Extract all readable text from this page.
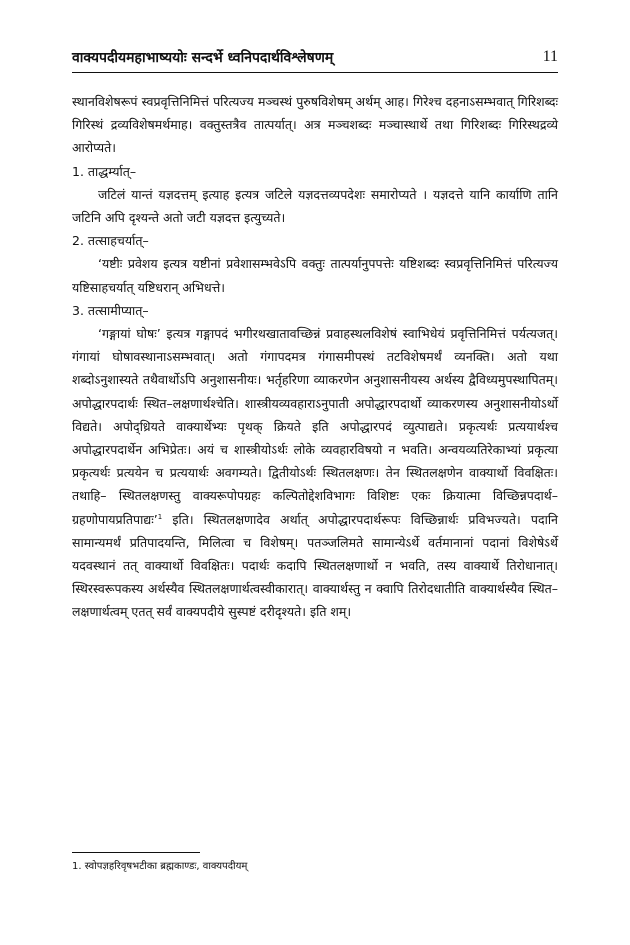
वाक्यपदीयमहाभाष्ययोः सन्दर्भे ध्वनिपदार्थविश्लेषणम्	11

स्थानविशेषरूपं स्वप्रवृत्तिनिमित्तं परित्यज्य मञ्चस्थं पुरुषविशेषम् अर्थम् आह। गिरेश्च दहनाऽसम्भवात् गिरिशब्दः गिरिस्थं द्रव्यविशेषमर्थमाह। वक्तुस्तत्रैव तात्पर्यात्। अत्र मञ्चशब्दः मञ्चास्थार्थे तथा गिरिशब्दः गिरिस्थद्रव्ये आरोप्यते।

1. ताद्धर्म्यात्–

जटिलं यान्तं यज्ञदत्तम् इत्याह इत्यत्र जटिले यज्ञदत्तव्यपदेशः समारोप्यते । यज्ञदत्ते यानि कार्याणि तानि जटिनि अपि दृश्यन्ते अतो जटी यज्ञदत्त इत्युच्यते।

2. तत्साहचर्यात्–

‘यष्टीः प्रवेशय इत्यत्र यष्टीनां प्रवेशासम्भवेऽपि वक्तुः तात्पर्यानुपपत्तेः यष्टिशब्दः स्वप्रवृत्तिनिमित्तं परित्यज्य यष्टिसाहचर्यात् यष्टिधरान् अभिधत्ते।

3. तत्सामीप्यात्–

‘गङ्गायां घोषः’ इत्यत्र गङ्गापदं भगीरथखातावच्छिन्नं प्रवाहस्थलविशेषं स्वाभिधेयं प्रवृत्तिनिमित्तं पर्यत्यजत्। गंगायां घोषावस्थानाऽसम्भवात्। अतो गंगापदमत्र गंगासमीपस्थं तटविशेषमर्थं व्यनक्ति। अतो यथा शब्दोऽनुशास्यते तथैवार्थोऽपि अनुशासनीयः। भर्तृहरिणा व्याकरणेन अनुशासनीयस्य अर्थस्य द्वैविध्यमुपस्थापितम्। अपोद्धारपदार्थः स्थित–लक्षणार्थश्चेति। शास्त्रीयव्यवहाराऽनुपाती अपोद्धारपदार्थो व्याकरणस्य अनुशासनीयोऽर्थो विद्यते। अपोद्ध्रियते वाक्यार्थेभ्यः पृथक् क्रियते इति अपोद्धारपदं व्युत्पाद्यते। प्रकृत्यर्थः प्रत्ययार्थश्च अपोद्धारपदार्थेन अभिप्रेतः। अयं च शास्त्रीयोऽर्थः लोके व्यवहारविषयो न भवति। अन्वयव्यतिरेकाभ्यां प्रकृत्या प्रकृत्यर्थः प्रत्ययेन च प्रत्ययार्थः अवगम्यते। द्वितीयोऽर्थः स्थितलक्षणः। तेन स्थितलक्षणेन वाक्यार्थो विवक्षितः। तथाहि– स्थितलक्षणस्तु वाक्यरूपोपग्रहः कल्पितोद्देशविभागः विशिष्टः एकः क्रियात्मा विच्छिन्नपदार्थ–ग्रहणोपायप्रतिपाद्यः’$^1$ इति। स्थितलक्षणादेव अर्थात् अपोद्धारपदार्थरूपः विच्छिन्नार्थः प्रविभज्यते। पदानि सामान्यमर्थं प्रतिपादयन्ति, मिलित्वा च विशेषम्। पतञ्जलिमते सामान्येऽर्थे वर्तमानानां पदानां विशेषेऽर्थे यदवस्थानं तत् वाक्यार्थो विवक्षितः। पदार्थः कदापि स्थितलक्षणार्थो न भवति, तस्य वाक्यार्थे तिरोधानात्। स्थिरस्वरूपकस्य अर्थस्यैव स्थितलक्षणार्थत्वस्वीकारात्। वाक्यार्थस्तु न क्वापि तिरोदधातीति वाक्यार्थस्यैव स्थित–लक्षणार्थत्वम् एतत् सर्वं वाक्यपदीये सुस्पष्टं दरीदृश्यते। इति शम्।

1. स्वोपज्ञहरिवृषभटीका ब्रह्मकाण्डः, वाक्यपदीयम्
